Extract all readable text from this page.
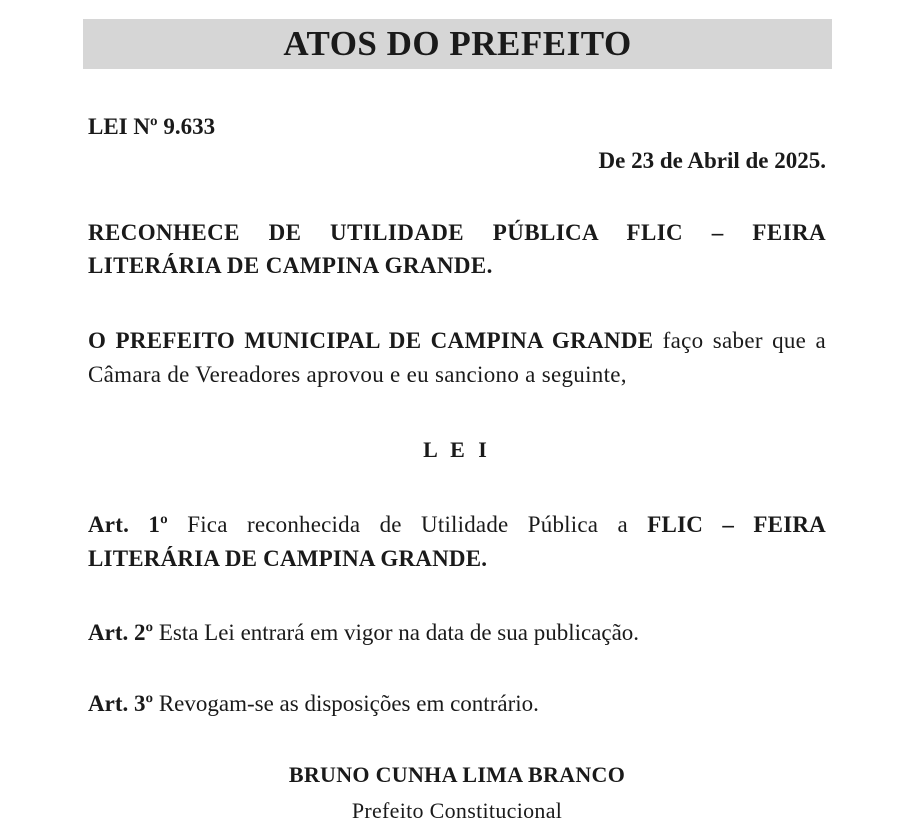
ATOS DO PREFEITO
LEI Nº 9.633
De 23 de Abril de 2025.
RECONHECE DE UTILIDADE PÚBLICA FLIC – FEIRA LITERÁRIA DE CAMPINA GRANDE.
O PREFEITO MUNICIPAL DE CAMPINA GRANDE faço saber que a Câmara de Vereadores aprovou e eu sanciono a seguinte,
L E I
Art. 1º Fica reconhecida de Utilidade Pública a FLIC – FEIRA LITERÁRIA DE CAMPINA GRANDE.
Art. 2º Esta Lei entrará em vigor na data de sua publicação.
Art. 3º Revogam-se as disposições em contrário.
BRUNO CUNHA LIMA BRANCO
Prefeito Constitucional
